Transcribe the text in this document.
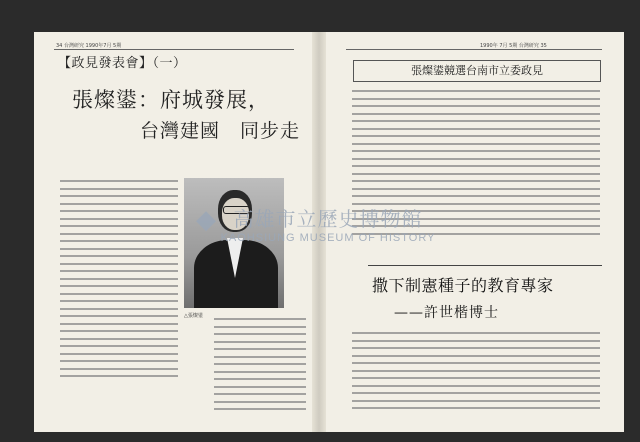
34 台灣研究 1990年7月 5期
【政見發表會】（一）
張燦鍙：府城發展，
台灣建國　同步走
△張燦鍙
1990年 7月 5期 台灣研究 35
張燦鍙競選台南市立委政見
撒下制憲種子的教育專家
——許世楷博士
◆ 高雄市立歷史博物館
KAOHSIUNG MUSEUM OF HISTORY
